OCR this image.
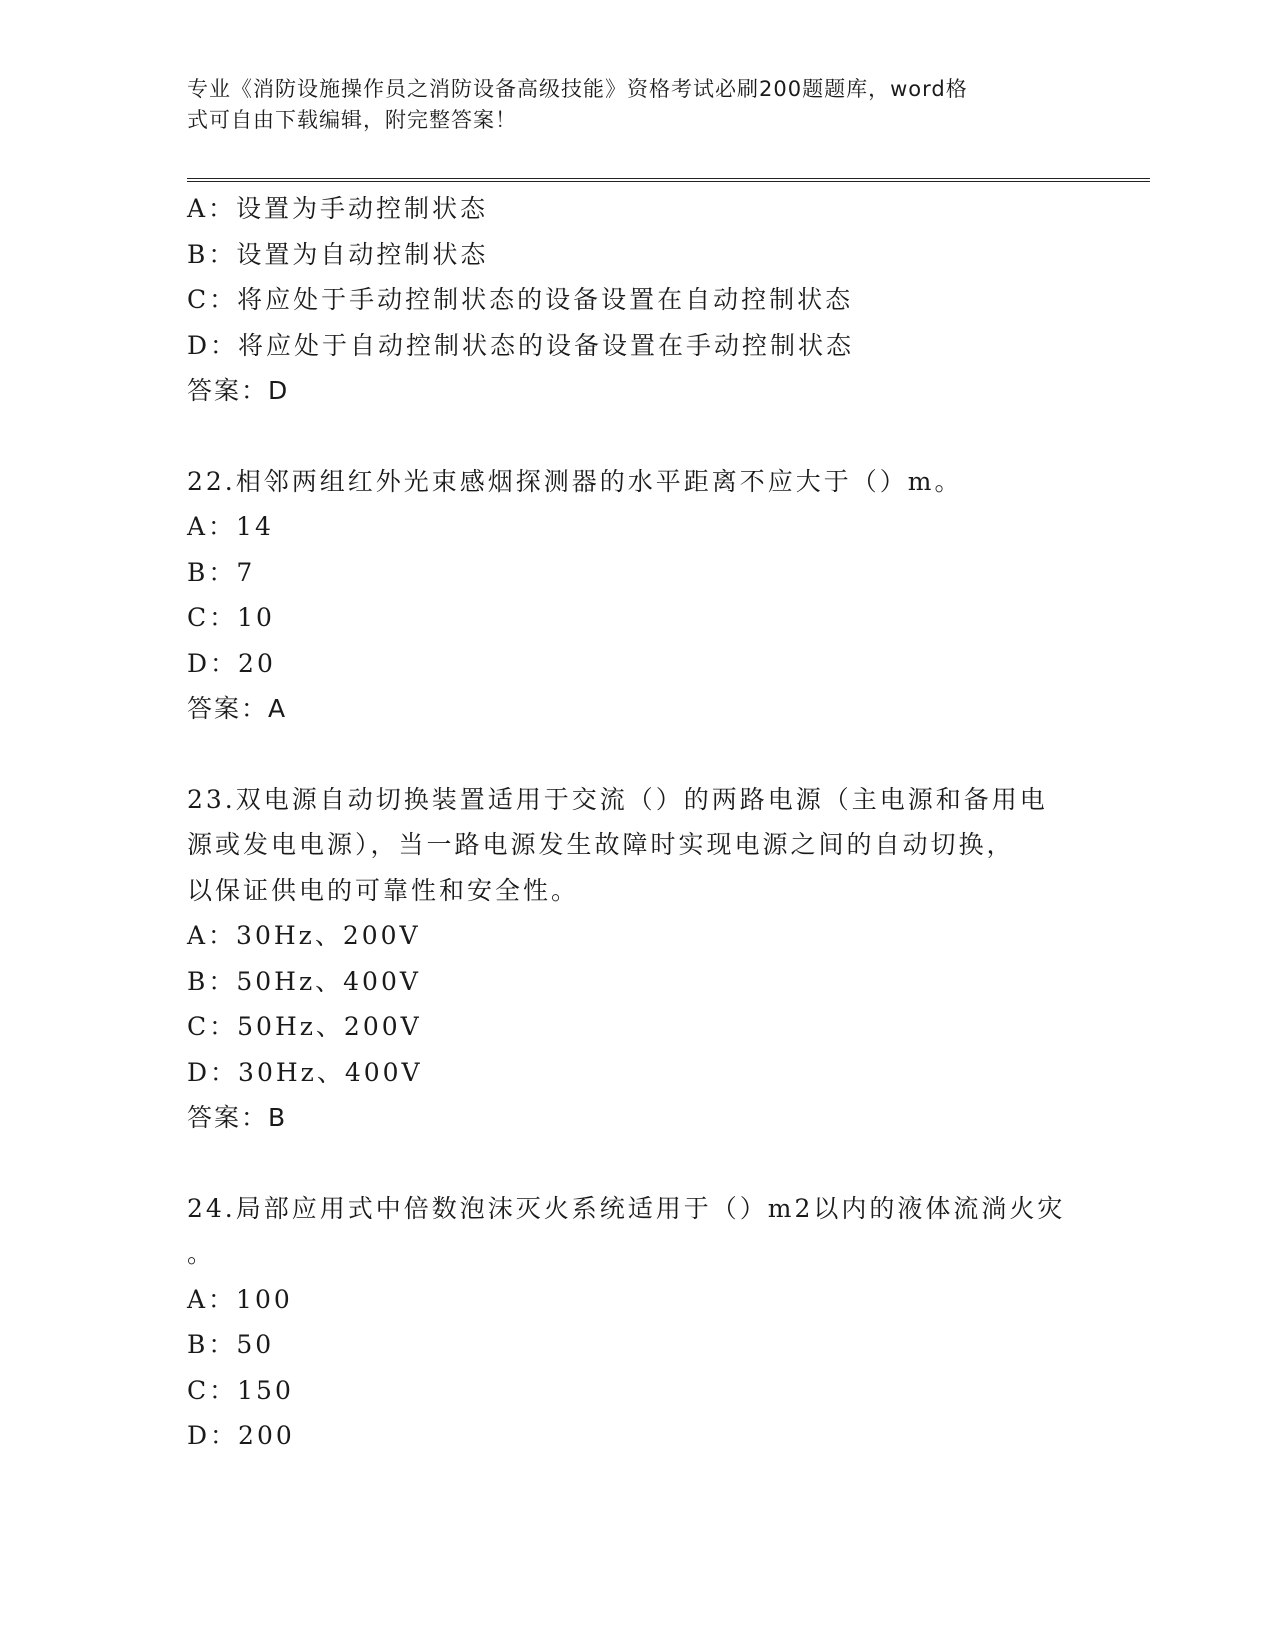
专业《消防设施操作员之消防设备高级技能》资格考试必刷200题题库，word格
式可自由下载编辑，附完整答案！
A：设置为手动控制状态
B：设置为自动控制状态
C：将应处于手动控制状态的设备设置在自动控制状态
D：将应处于自动控制状态的设备设置在手动控制状态
答案：D
22.相邻两组红外光束感烟探测器的水平距离不应大于（）m。
A：14
B：7
C：10
D：20
答案：A
23.双电源自动切换装置适用于交流（）的两路电源（主电源和备用电
源或发电电源），当一路电源发生故障时实现电源之间的自动切换，
以保证供电的可靠性和安全性。
A：30Hz、200V
B：50Hz、400V
C：50Hz、200V
D：30Hz、400V
答案：B
24.局部应用式中倍数泡沫灭火系统适用于（）m2以内的液体流淌火灾
。
A：100
B：50
C：150
D：200
